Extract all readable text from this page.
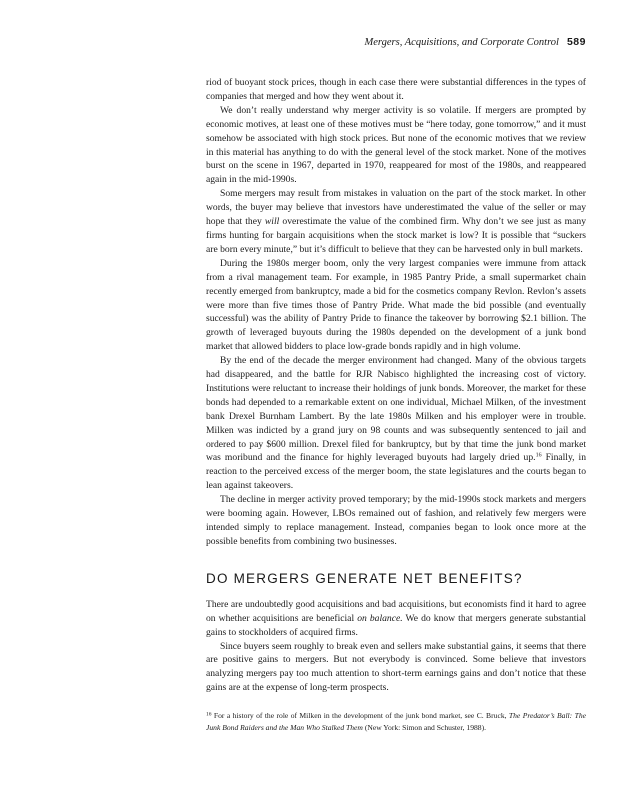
Mergers, Acquisitions, and Corporate Control 589

riod of buoyant stock prices, though in each case there were substantial differences in the types of companies that merged and how they went about it.

We don’t really understand why merger activity is so volatile. If mergers are prompted by economic motives, at least one of these motives must be “here today, gone tomorrow,” and it must somehow be associated with high stock prices. But none of the economic motives that we review in this material has anything to do with the general level of the stock market. None of the motives burst on the scene in 1967, departed in 1970, reappeared for most of the 1980s, and reappeared again in the mid-1990s.

Some mergers may result from mistakes in valuation on the part of the stock market. In other words, the buyer may believe that investors have underestimated the value of the seller or may hope that they will overestimate the value of the combined firm. Why don’t we see just as many firms hunting for bargain acquisitions when the stock market is low? It is possible that “suckers are born every minute,” but it’s difficult to believe that they can be harvested only in bull markets.

During the 1980s merger boom, only the very largest companies were immune from attack from a rival management team. For example, in 1985 Pantry Pride, a small supermarket chain recently emerged from bankruptcy, made a bid for the cosmetics company Revlon. Revlon’s assets were more than five times those of Pantry Pride. What made the bid possible (and eventually successful) was the ability of Pantry Pride to finance the takeover by borrowing $2.1 billion. The growth of leveraged buyouts during the 1980s depended on the development of a junk bond market that allowed bidders to place low-grade bonds rapidly and in high volume.

By the end of the decade the merger environment had changed. Many of the obvious targets had disappeared, and the battle for RJR Nabisco highlighted the increasing cost of victory. Institutions were reluctant to increase their holdings of junk bonds. Moreover, the market for these bonds had depended to a remarkable extent on one individual, Michael Milken, of the investment bank Drexel Burnham Lambert. By the late 1980s Milken and his employer were in trouble. Milken was indicted by a grand jury on 98 counts and was subsequently sentenced to jail and ordered to pay $600 million. Drexel filed for bankruptcy, but by that time the junk bond market was moribund and the finance for highly leveraged buyouts had largely dried up.$^{16}$ Finally, in reaction to the perceived excess of the merger boom, the state legislatures and the courts began to lean against takeovers.

The decline in merger activity proved temporary; by the mid-1990s stock markets and mergers were booming again. However, LBOs remained out of fashion, and relatively few mergers were intended simply to replace management. Instead, companies began to look once more at the possible benefits from combining two businesses.

DO MERGERS GENERATE NET BENEFITS?

There are undoubtedly good acquisitions and bad acquisitions, but economists find it hard to agree on whether acquisitions are beneficial on balance. We do know that mergers generate substantial gains to stockholders of acquired firms.

Since buyers seem roughly to break even and sellers make substantial gains, it seems that there are positive gains to mergers. But not everybody is convinced. Some believe that investors analyzing mergers pay too much attention to short-term earnings gains and don’t notice that these gains are at the expense of long-term prospects.

$^{16}$ For a history of the role of Milken in the development of the junk bond market, see C. Bruck, The Predator’s Ball: The Junk Bond Raiders and the Man Who Stalked Them (New York: Simon and Schuster, 1988).
